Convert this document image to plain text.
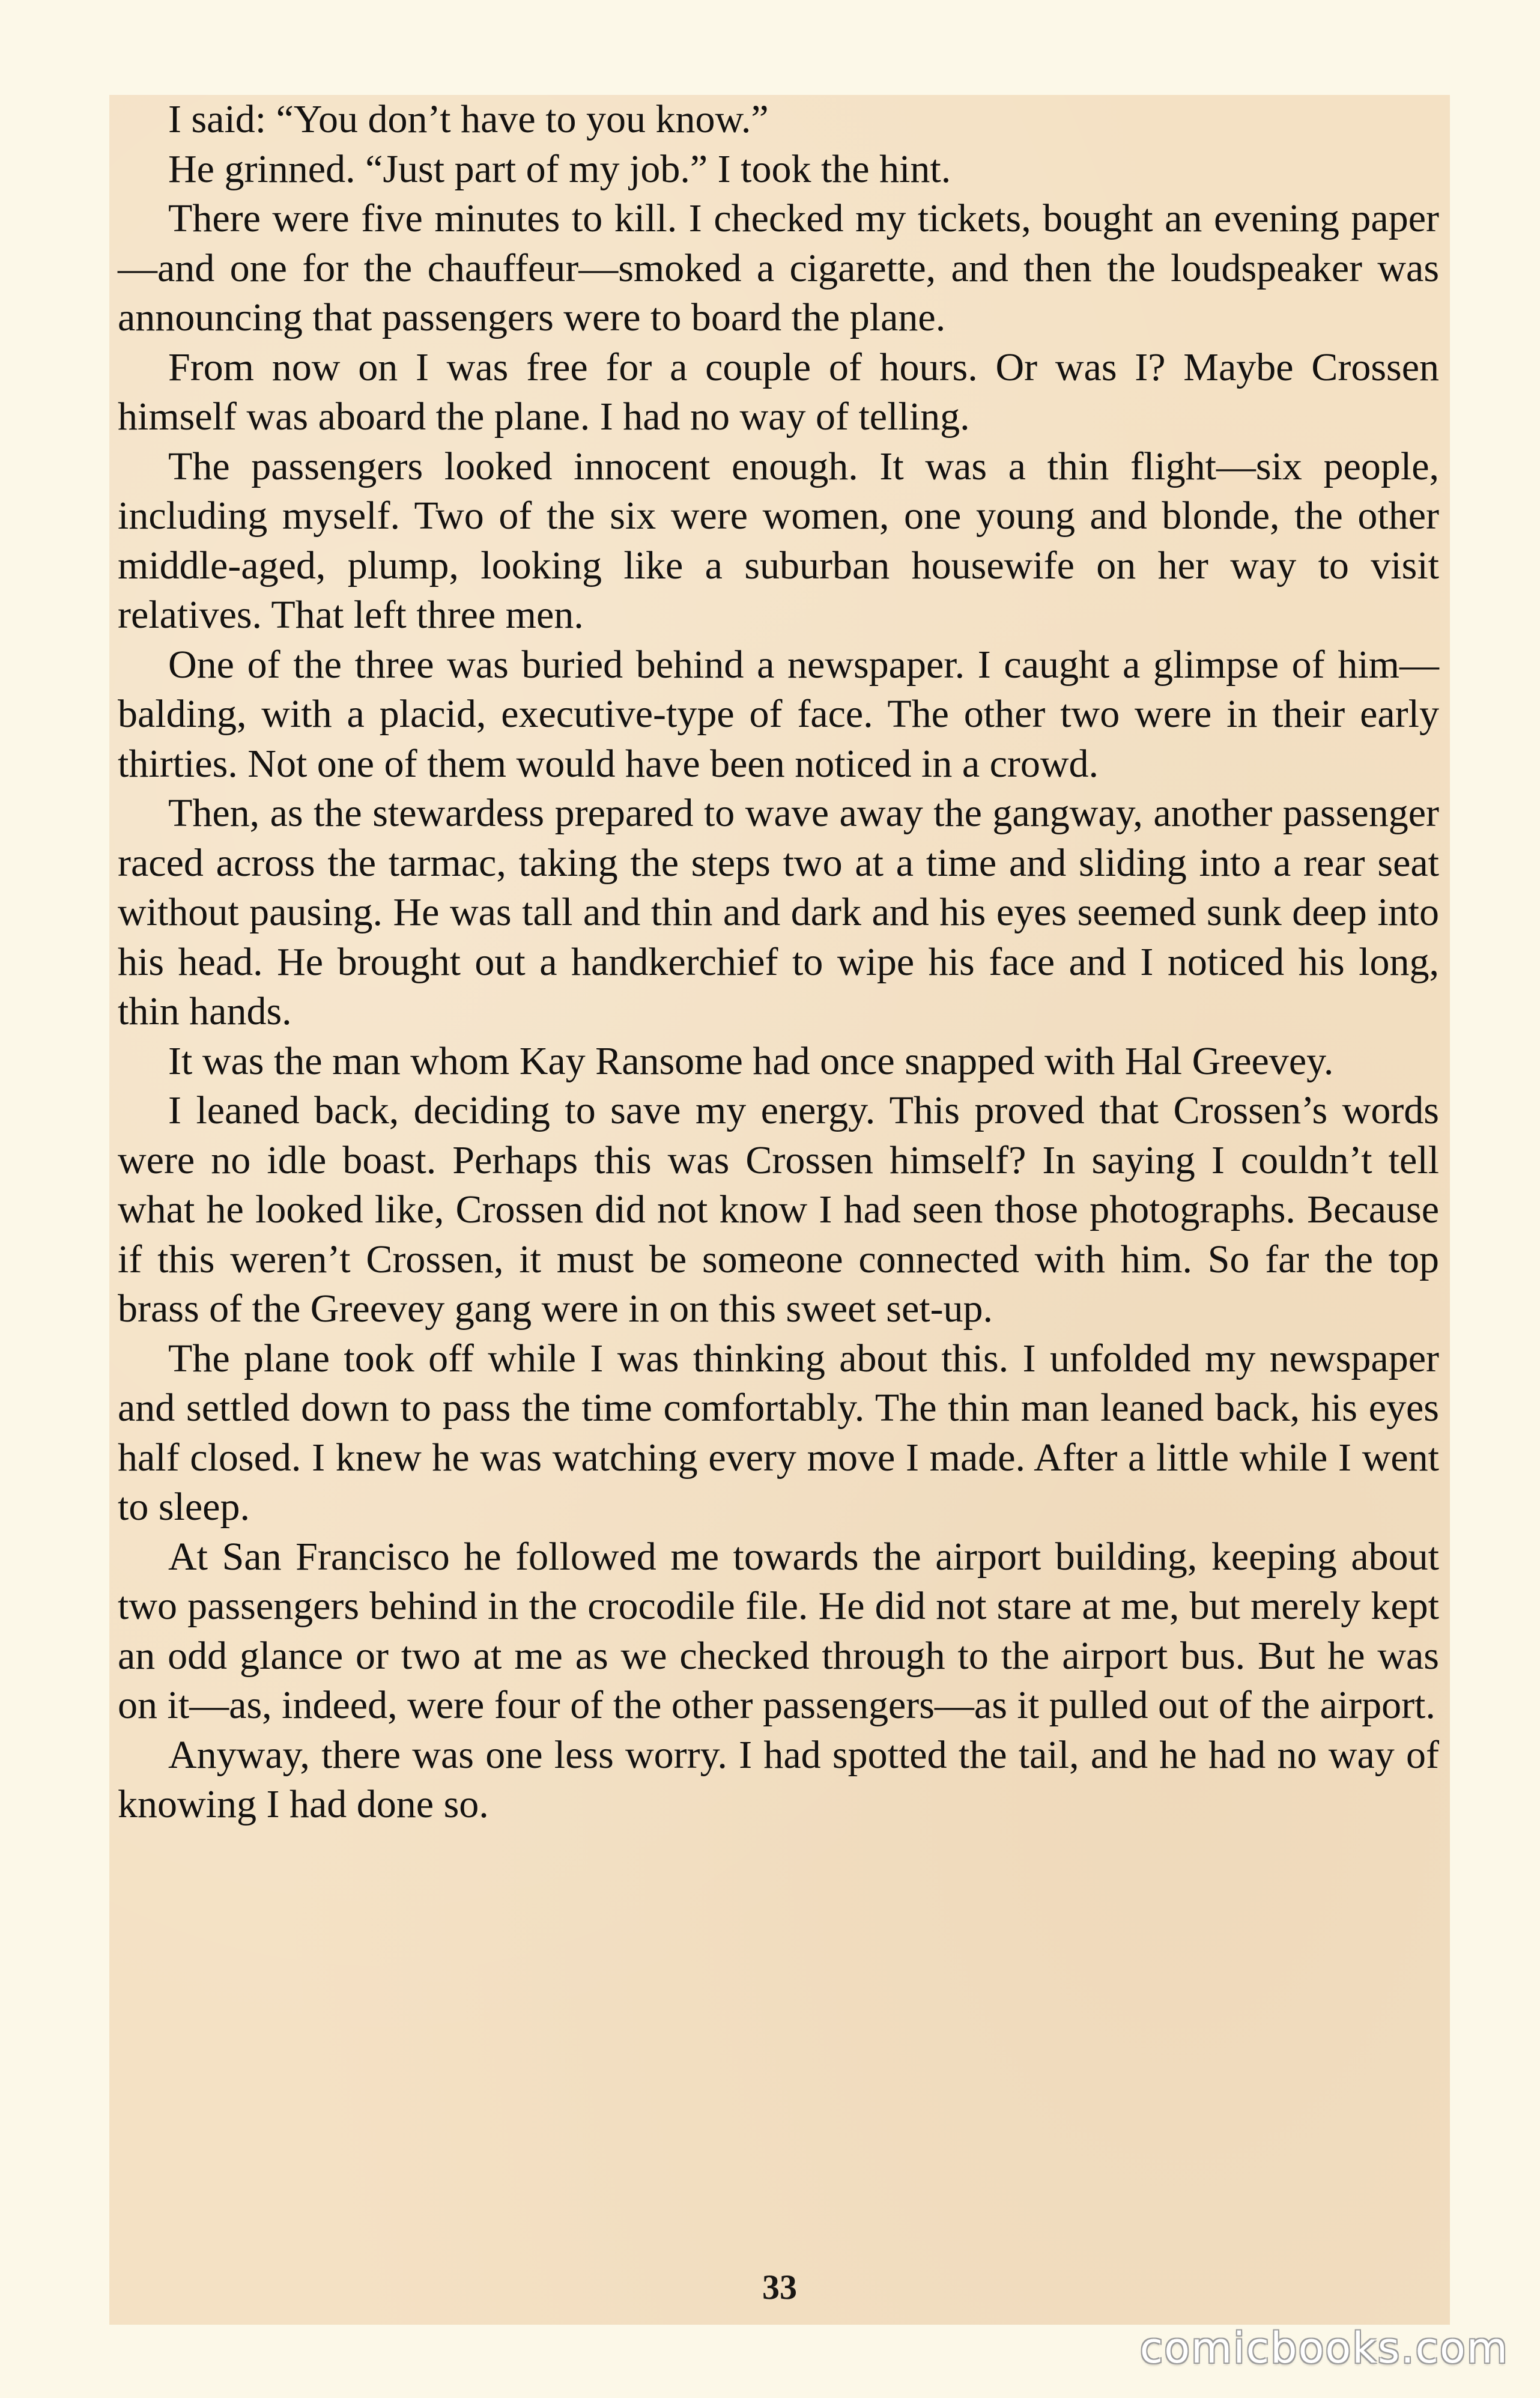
I said: “You don’t have to you know.”

He grinned. “Just part of my job.” I took the hint.

There were five minutes to kill. I checked my tickets, bought an evening paper—and one for the chauffeur—smoked a cigarette, and then the loudspeaker was announcing that passengers were to board the plane.

From now on I was free for a couple of hours. Or was I? Maybe Crossen himself was aboard the plane. I had no way of telling.

The passengers looked innocent enough. It was a thin flight—six people, including myself. Two of the six were women, one young and blonde, the other middle-aged, plump, looking like a suburban housewife on her way to visit relatives. That left three men.

One of the three was buried behind a newspaper. I caught a glimpse of him—balding, with a placid, executive-type of face. The other two were in their early thirties. Not one of them would have been noticed in a crowd.

Then, as the stewardess prepared to wave away the gangway, another passenger raced across the tarmac, taking the steps two at a time and sliding into a rear seat without pausing. He was tall and thin and dark and his eyes seemed sunk deep into his head. He brought out a handkerchief to wipe his face and I noticed his long, thin hands.

It was the man whom Kay Ransome had once snapped with Hal Greevey.

I leaned back, deciding to save my energy. This proved that Crossen’s words were no idle boast. Perhaps this was Crossen himself? In saying I couldn’t tell what he looked like, Crossen did not know I had seen those photographs. Because if this weren’t Crossen, it must be someone connected with him. So far the top brass of the Greevey gang were in on this sweet set-up.

The plane took off while I was thinking about this. I unfolded my newspaper and settled down to pass the time comfortably. The thin man leaned back, his eyes half closed. I knew he was watching every move I made. After a little while I went to sleep.

At San Francisco he followed me towards the airport building, keeping about two passengers behind in the crocodile file. He did not stare at me, but merely kept an odd glance or two at me as we checked through to the airport bus. But he was on it—as, indeed, were four of the other passengers—as it pulled out of the airport.

Anyway, there was one less worry. I had spotted the tail, and he had no way of knowing I had done so.

33
comicbooks.com
